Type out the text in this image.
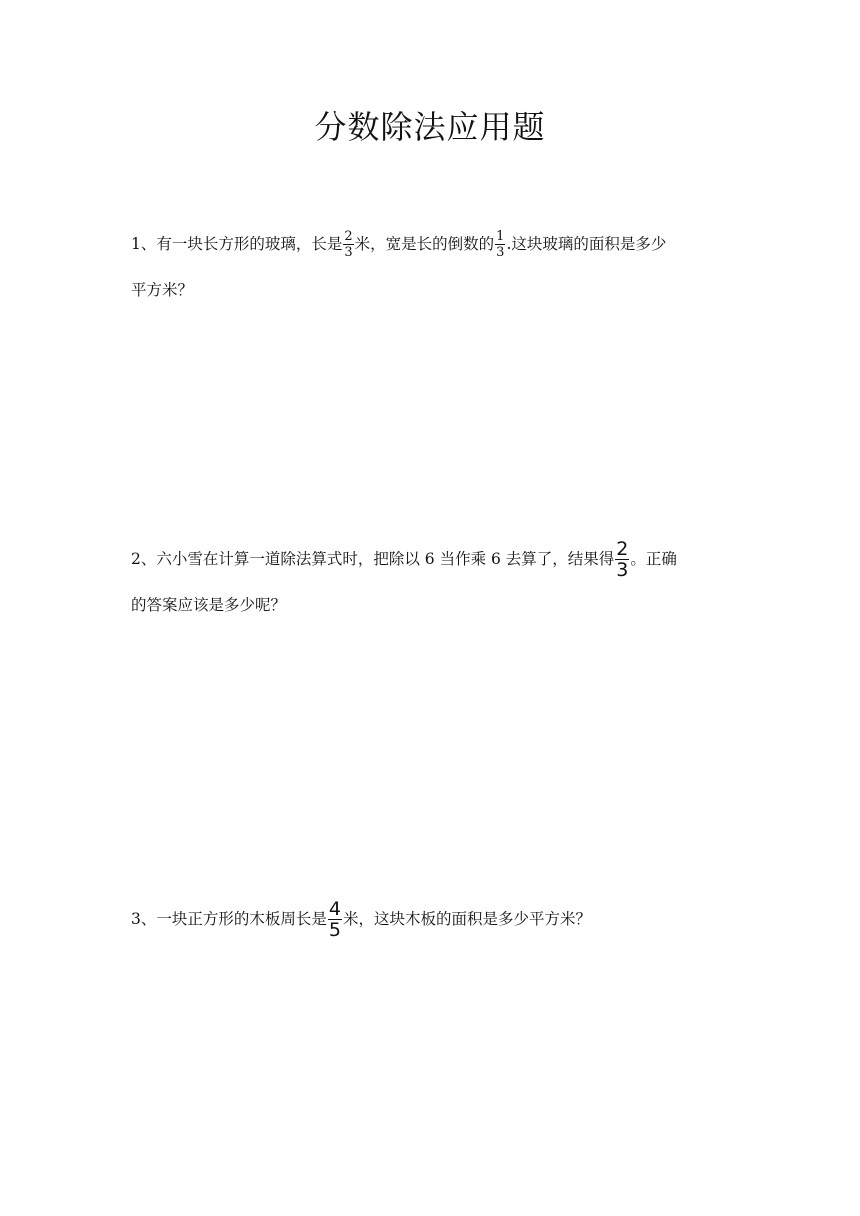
分数除法应用题
1、有一块长方形的玻璃，长是 $\frac{2}{3}$ 米，宽是长的倒数的 $\frac{1}{3}$ .这块玻璃的面积是多少
平方米？
2、六小雪在计算一道除法算式时，把除以 6 当作乘 6 去算了，结果得 $\frac{2}{3}$ 。正确
的答案应该是多少呢？
3、一块正方形的木板周长是 $\frac{4}{5}$ 米，这块木板的面积是多少平方米？
